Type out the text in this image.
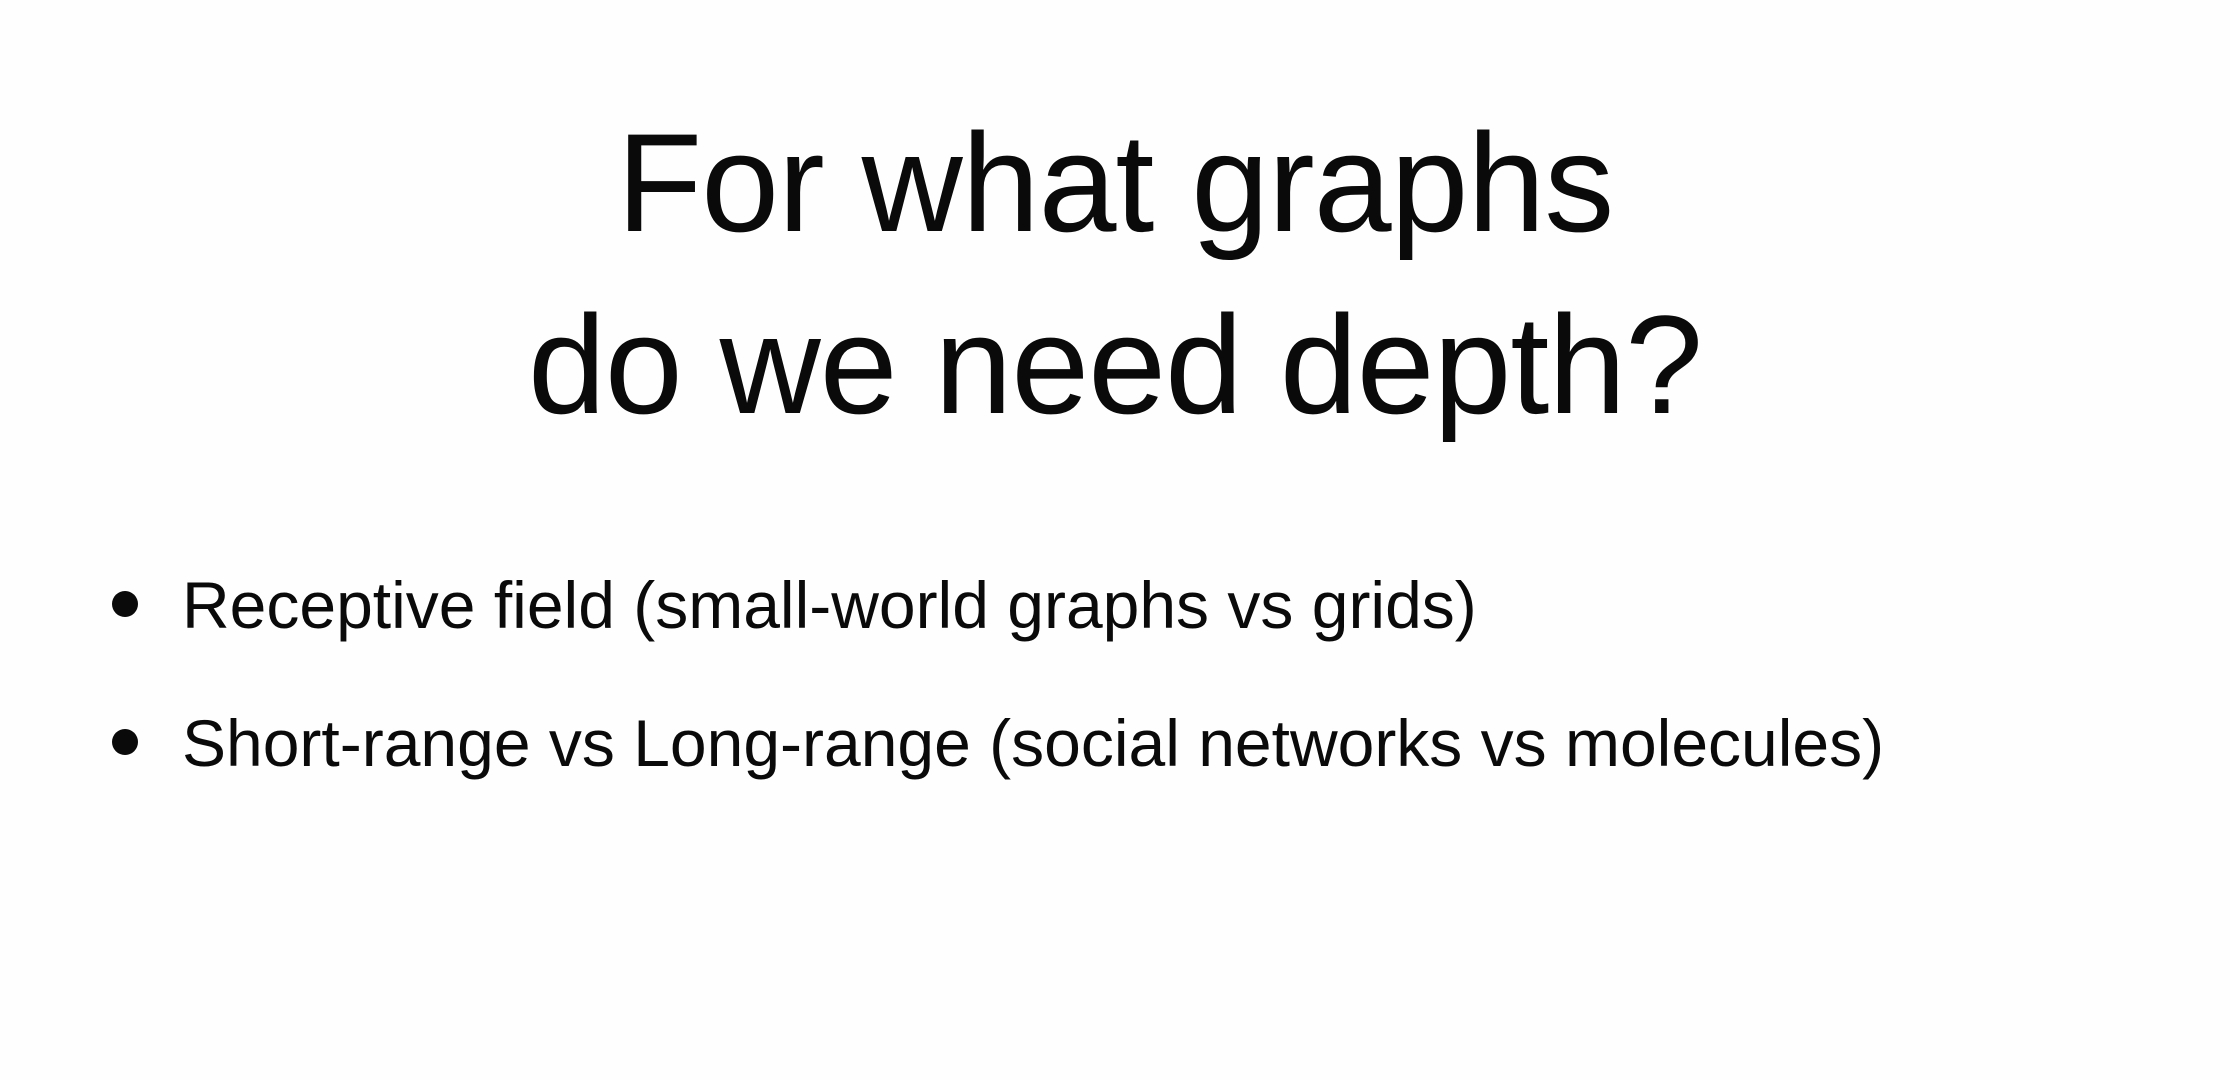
For what graphs
do we need depth?
Receptive field (small-world graphs vs grids)
Short-range vs Long-range (social networks vs molecules)
